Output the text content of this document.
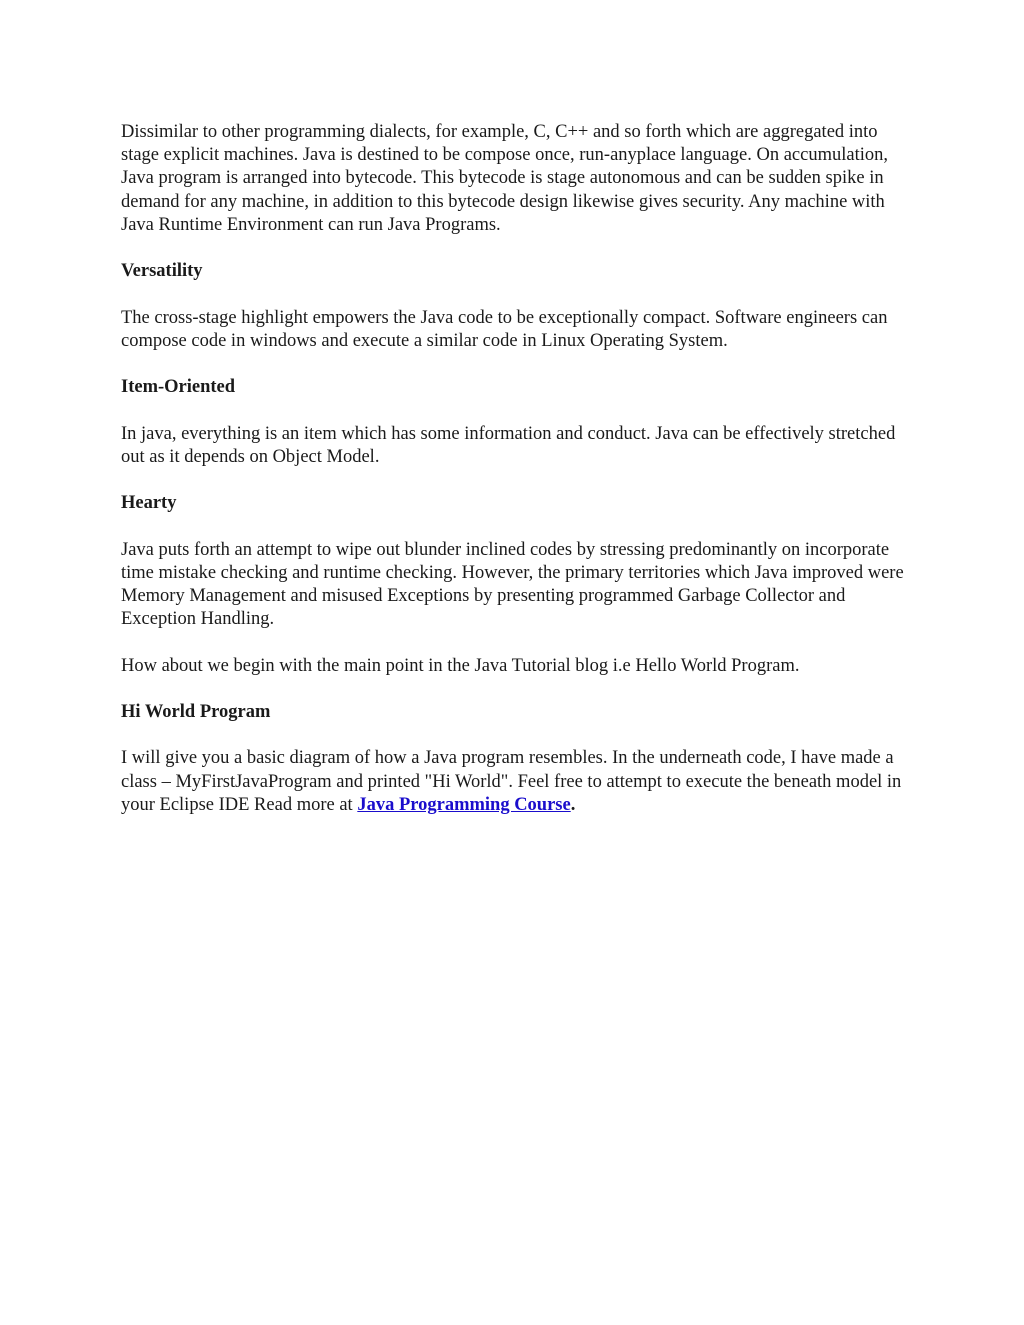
Dissimilar to other programming dialects, for example, C, C++ and so forth which are aggregated into stage explicit machines. Java is destined to be compose once, run-anyplace language. On accumulation, Java program is arranged into bytecode. This bytecode is stage autonomous and can be sudden spike in demand for any machine, in addition to this bytecode design likewise gives security. Any machine with Java Runtime Environment can run Java Programs.

Versatility

The cross-stage highlight empowers the Java code to be exceptionally compact. Software engineers can compose code in windows and execute a similar code in Linux Operating System.

Item-Oriented

In java, everything is an item which has some information and conduct. Java can be effectively stretched out as it depends on Object Model.

Hearty

Java puts forth an attempt to wipe out blunder inclined codes by stressing predominantly on incorporate time mistake checking and runtime checking. However, the primary territories which Java improved were Memory Management and misused Exceptions by presenting programmed Garbage Collector and Exception Handling.

How about we begin with the main point in the Java Tutorial blog i.e Hello World Program.

Hi World Program

I will give you a basic diagram of how a Java program resembles. In the underneath code, I have made a class – MyFirstJavaProgram and printed "Hi World". Feel free to attempt to execute the beneath model in your Eclipse IDE Read more at Java Programming Course.
